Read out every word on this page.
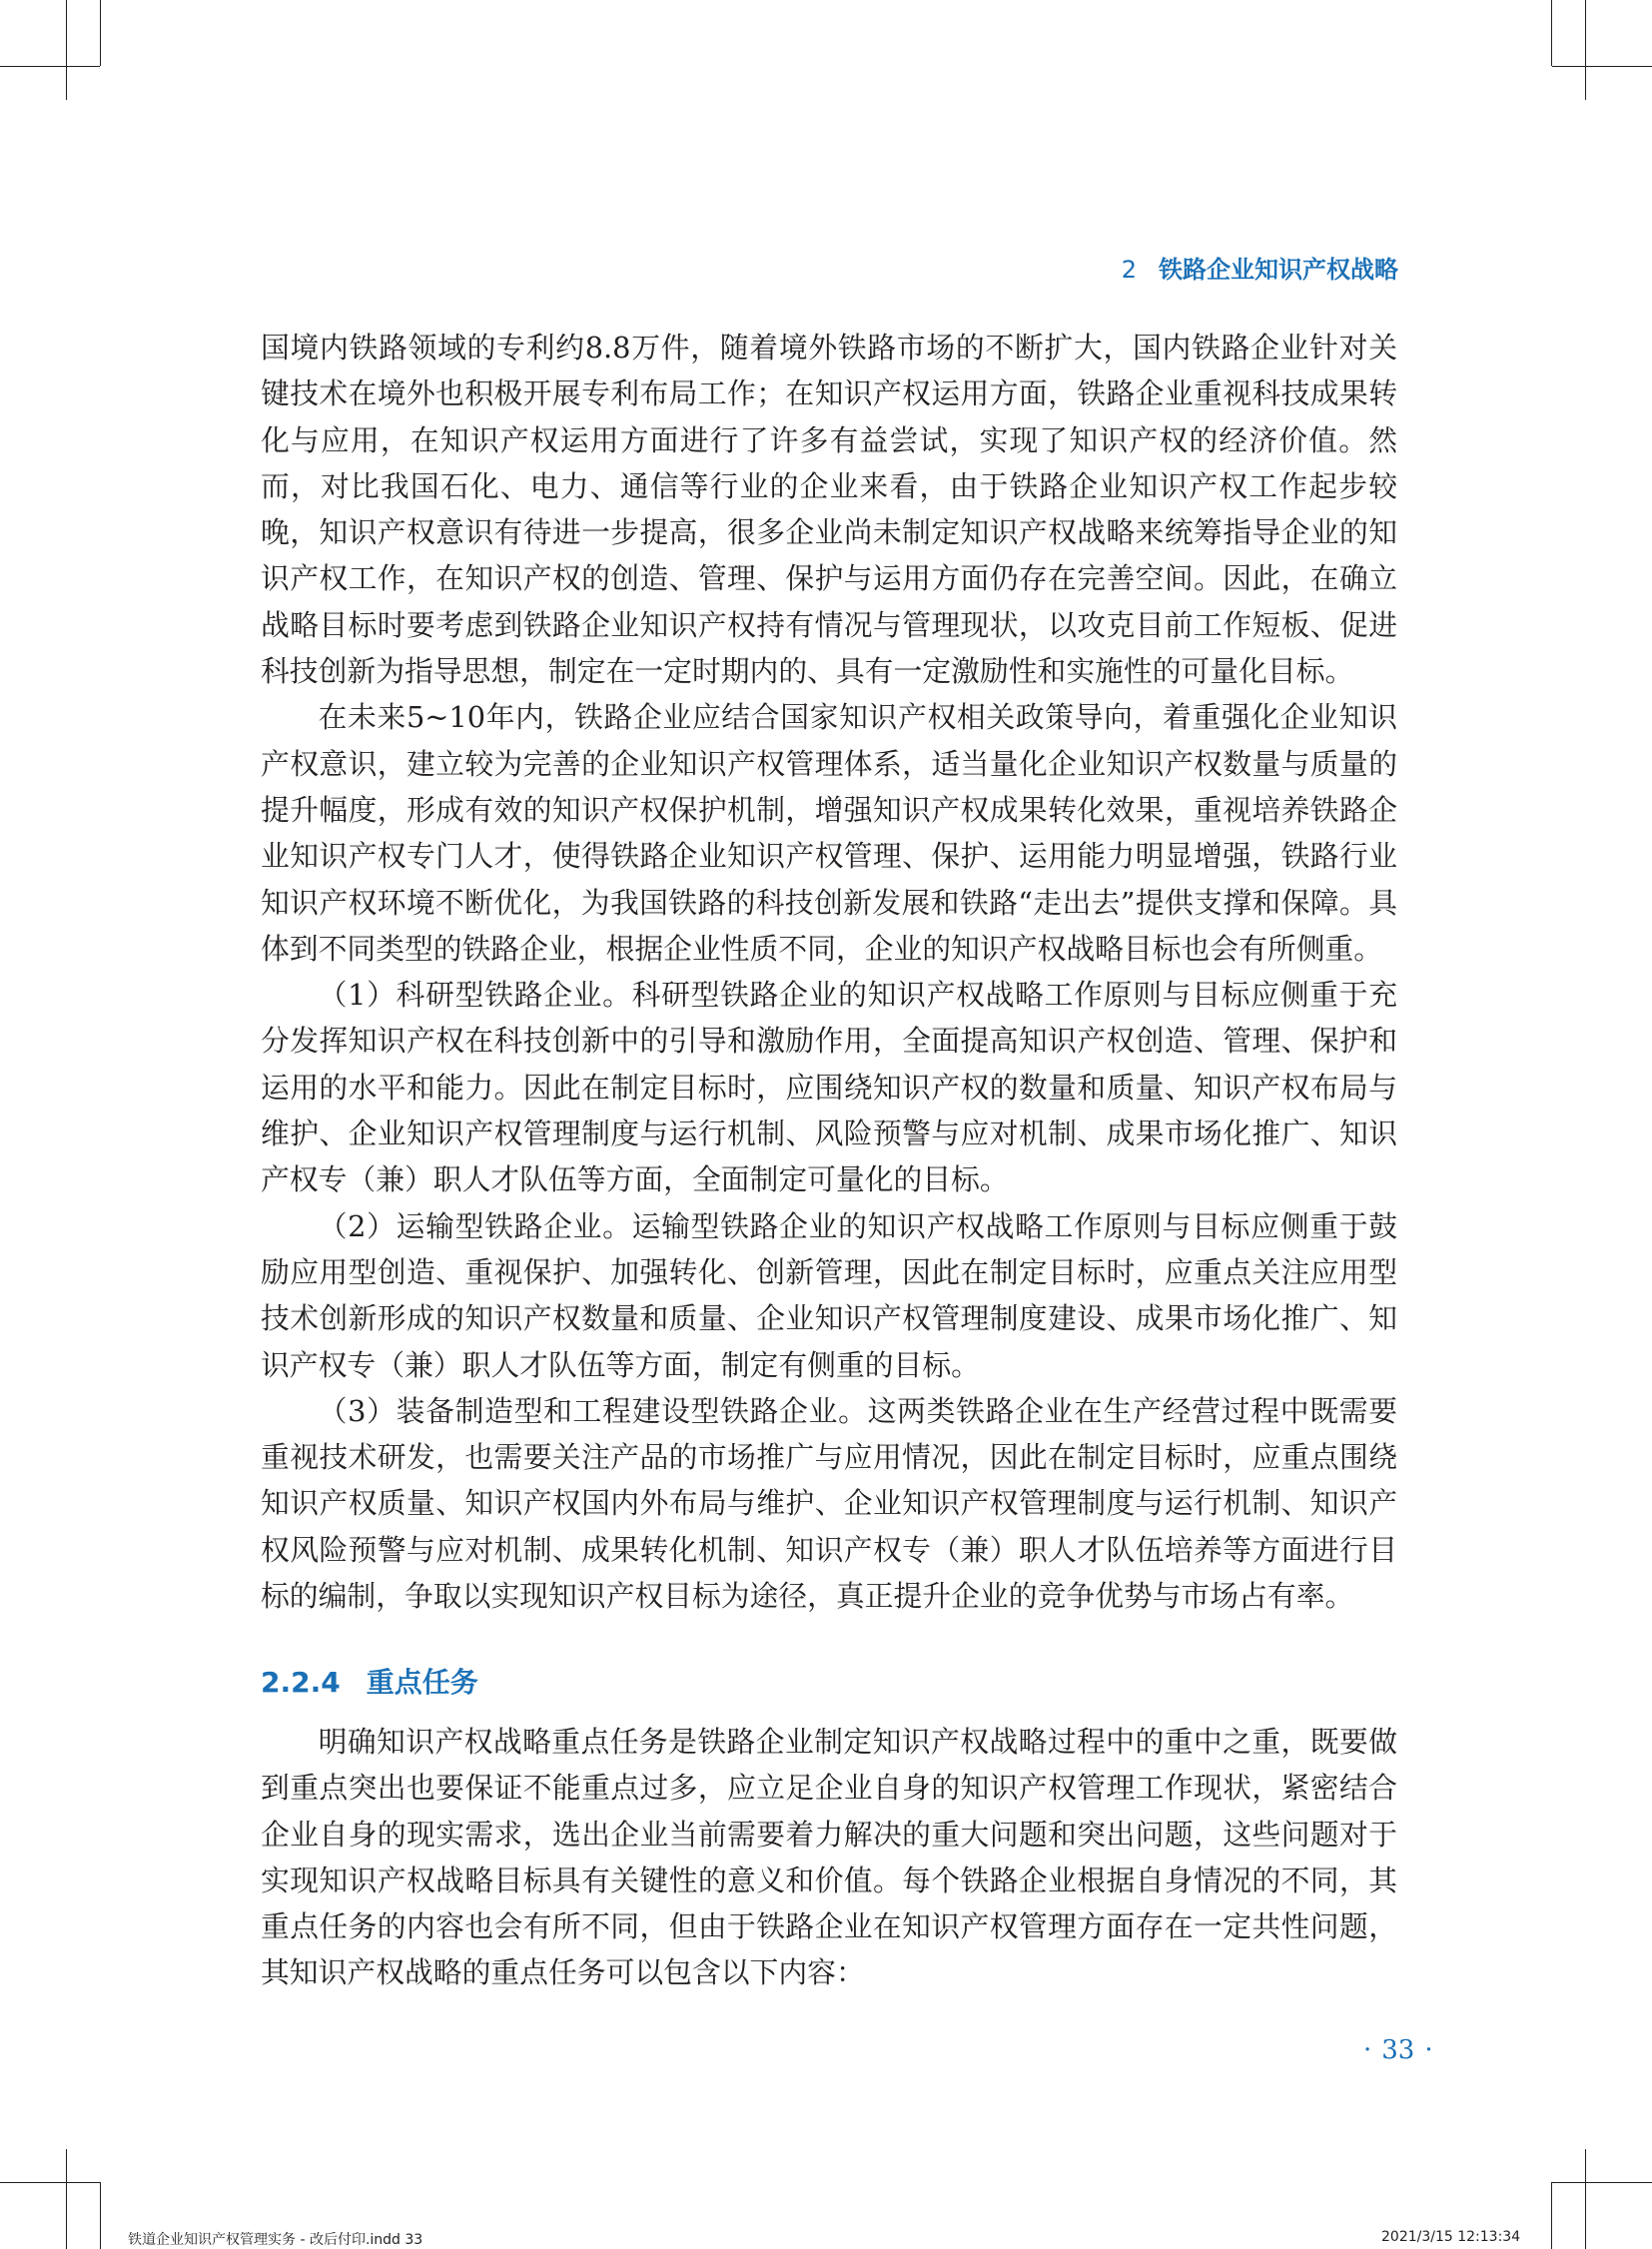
2 铁路企业知识产权战略

国境内铁路领域的专利约8.8万件，随着境外铁路市场的不断扩大，国内铁路企业针对关键技术在境外也积极开展专利布局工作；在知识产权运用方面，铁路企业重视科技成果转化与应用，在知识产权运用方面进行了许多有益尝试，实现了知识产权的经济价值。然而，对比我国石化、电力、通信等行业的企业来看，由于铁路企业知识产权工作起步较晚，知识产权意识有待进一步提高，很多企业尚未制定知识产权战略来统筹指导企业的知识产权工作，在知识产权的创造、管理、保护与运用方面仍存在完善空间。因此，在确立战略目标时要考虑到铁路企业知识产权持有情况与管理现状，以攻克目前工作短板、促进科技创新为指导思想，制定在一定时期内的、具有一定激励性和实施性的可量化目标。

在未来5~10年内，铁路企业应结合国家知识产权相关政策导向，着重强化企业知识产权意识，建立较为完善的企业知识产权管理体系，适当量化企业知识产权数量与质量的提升幅度，形成有效的知识产权保护机制，增强知识产权成果转化效果，重视培养铁路企业知识产权专门人才，使得铁路企业知识产权管理、保护、运用能力明显增强，铁路行业知识产权环境不断优化，为我国铁路的科技创新发展和铁路“走出去”提供支撑和保障。具体到不同类型的铁路企业，根据企业性质不同，企业的知识产权战略目标也会有所侧重。

（1）科研型铁路企业。科研型铁路企业的知识产权战略工作原则与目标应侧重于充分发挥知识产权在科技创新中的引导和激励作用，全面提高知识产权创造、管理、保护和运用的水平和能力。因此在制定目标时，应围绕知识产权的数量和质量、知识产权布局与维护、企业知识产权管理制度与运行机制、风险预警与应对机制、成果市场化推广、知识产权专（兼）职人才队伍等方面，全面制定可量化的目标。

（2）运输型铁路企业。运输型铁路企业的知识产权战略工作原则与目标应侧重于鼓励应用型创造、重视保护、加强转化、创新管理，因此在制定目标时，应重点关注应用型技术创新形成的知识产权数量和质量、企业知识产权管理制度建设、成果市场化推广、知识产权专（兼）职人才队伍等方面，制定有侧重的目标。

（3）装备制造型和工程建设型铁路企业。这两类铁路企业在生产经营过程中既需要重视技术研发，也需要关注产品的市场推广与应用情况，因此在制定目标时，应重点围绕知识产权质量、知识产权国内外布局与维护、企业知识产权管理制度与运行机制、知识产权风险预警与应对机制、成果转化机制、知识产权专（兼）职人才队伍培养等方面进行目标的编制，争取以实现知识产权目标为途径，真正提升企业的竞争优势与市场占有率。

2.2.4 重点任务

明确知识产权战略重点任务是铁路企业制定知识产权战略过程中的重中之重，既要做到重点突出也要保证不能重点过多，应立足企业自身的知识产权管理工作现状，紧密结合企业自身的现实需求，选出企业当前需要着力解决的重大问题和突出问题，这些问题对于实现知识产权战略目标具有关键性的意义和价值。每个铁路企业根据自身情况的不同，其重点任务的内容也会有所不同，但由于铁路企业在知识产权管理方面存在一定共性问题，其知识产权战略的重点任务可以包含以下内容：

· 33 ·
铁道企业知识产权管理实务 - 改后付印.indd 33	2021/3/15 12:13:34
